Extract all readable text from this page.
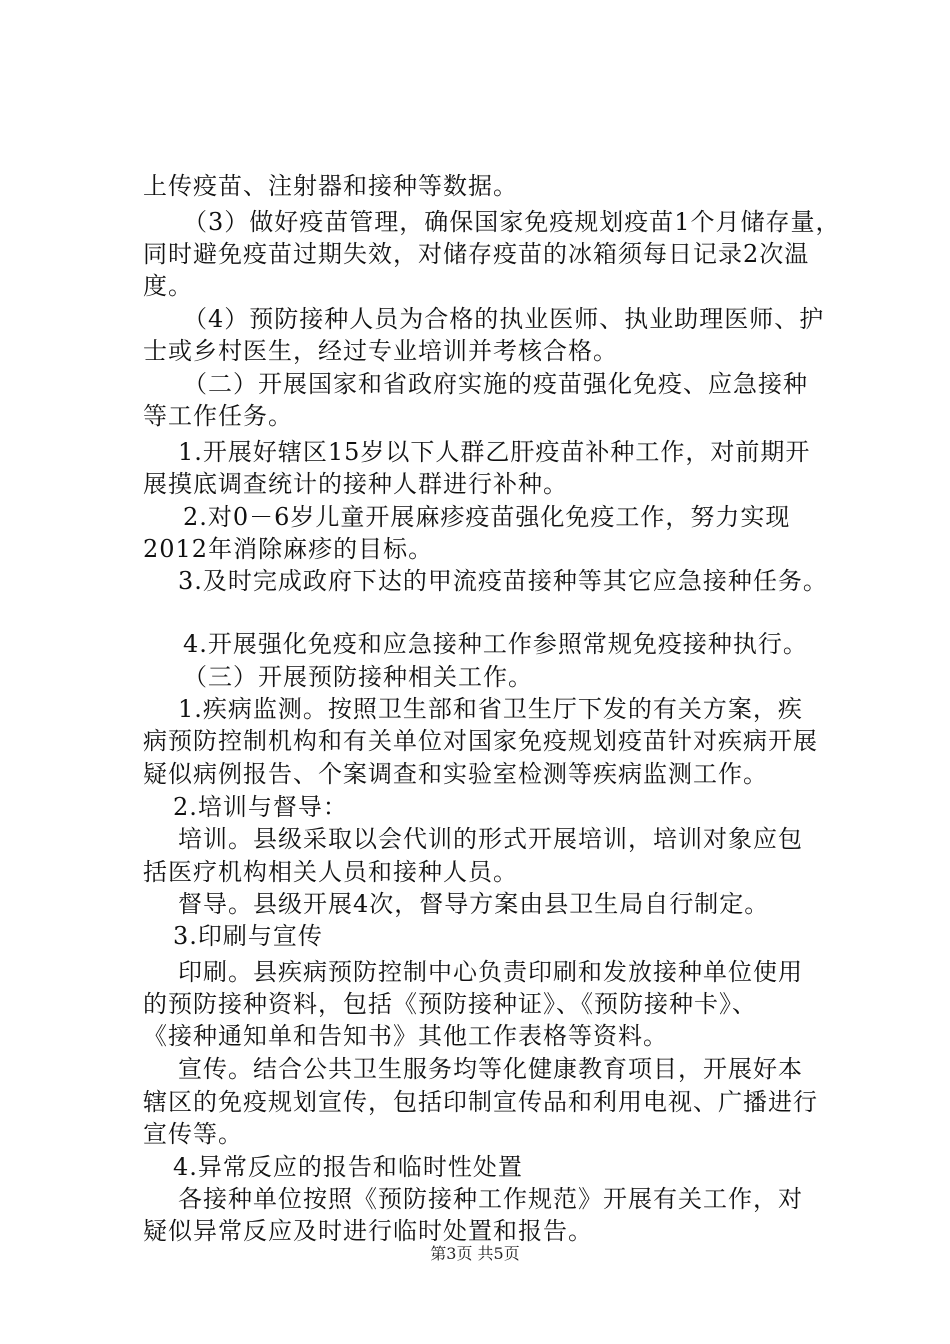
上传疫苗、注射器和接种等数据。
（3）做好疫苗管理，确保国家免疫规划疫苗1个月储存量，
同时避免疫苗过期失效，对储存疫苗的冰箱须每日记录2次温
度。
（4）预防接种人员为合格的执业医师、执业助理医师、护
士或乡村医生，经过专业培训并考核合格。
（二）开展国家和省政府实施的疫苗强化免疫、应急接种
等工作任务。
1.开展好辖区15岁以下人群乙肝疫苗补种工作，对前期开
展摸底调查统计的接种人群进行补种。
2.对0－6岁儿童开展麻疹疫苗强化免疫工作，努力实现
2012年消除麻疹的目标。
3.及时完成政府下达的甲流疫苗接种等其它应急接种任务。
4.开展强化免疫和应急接种工作参照常规免疫接种执行。
（三）开展预防接种相关工作。
1.疾病监测。按照卫生部和省卫生厅下发的有关方案，疾
病预防控制机构和有关单位对国家免疫规划疫苗针对疾病开展
疑似病例报告、个案调查和实验室检测等疾病监测工作。
2.培训与督导：
培训。县级采取以会代训的形式开展培训，培训对象应包
括医疗机构相关人员和接种人员。
督导。县级开展4次，督导方案由县卫生局自行制定。
3.印刷与宣传
印刷。县疾病预防控制中心负责印刷和发放接种单位使用
的预防接种资料，包括《预防接种证》、《预防接种卡》、
《接种通知单和告知书》其他工作表格等资料。
宣传。结合公共卫生服务均等化健康教育项目，开展好本
辖区的免疫规划宣传，包括印制宣传品和利用电视、广播进行
宣传等。
4.异常反应的报告和临时性处置
各接种单位按照《预防接种工作规范》开展有关工作，对
疑似异常反应及时进行临时处置和报告。
第3页 共5页
